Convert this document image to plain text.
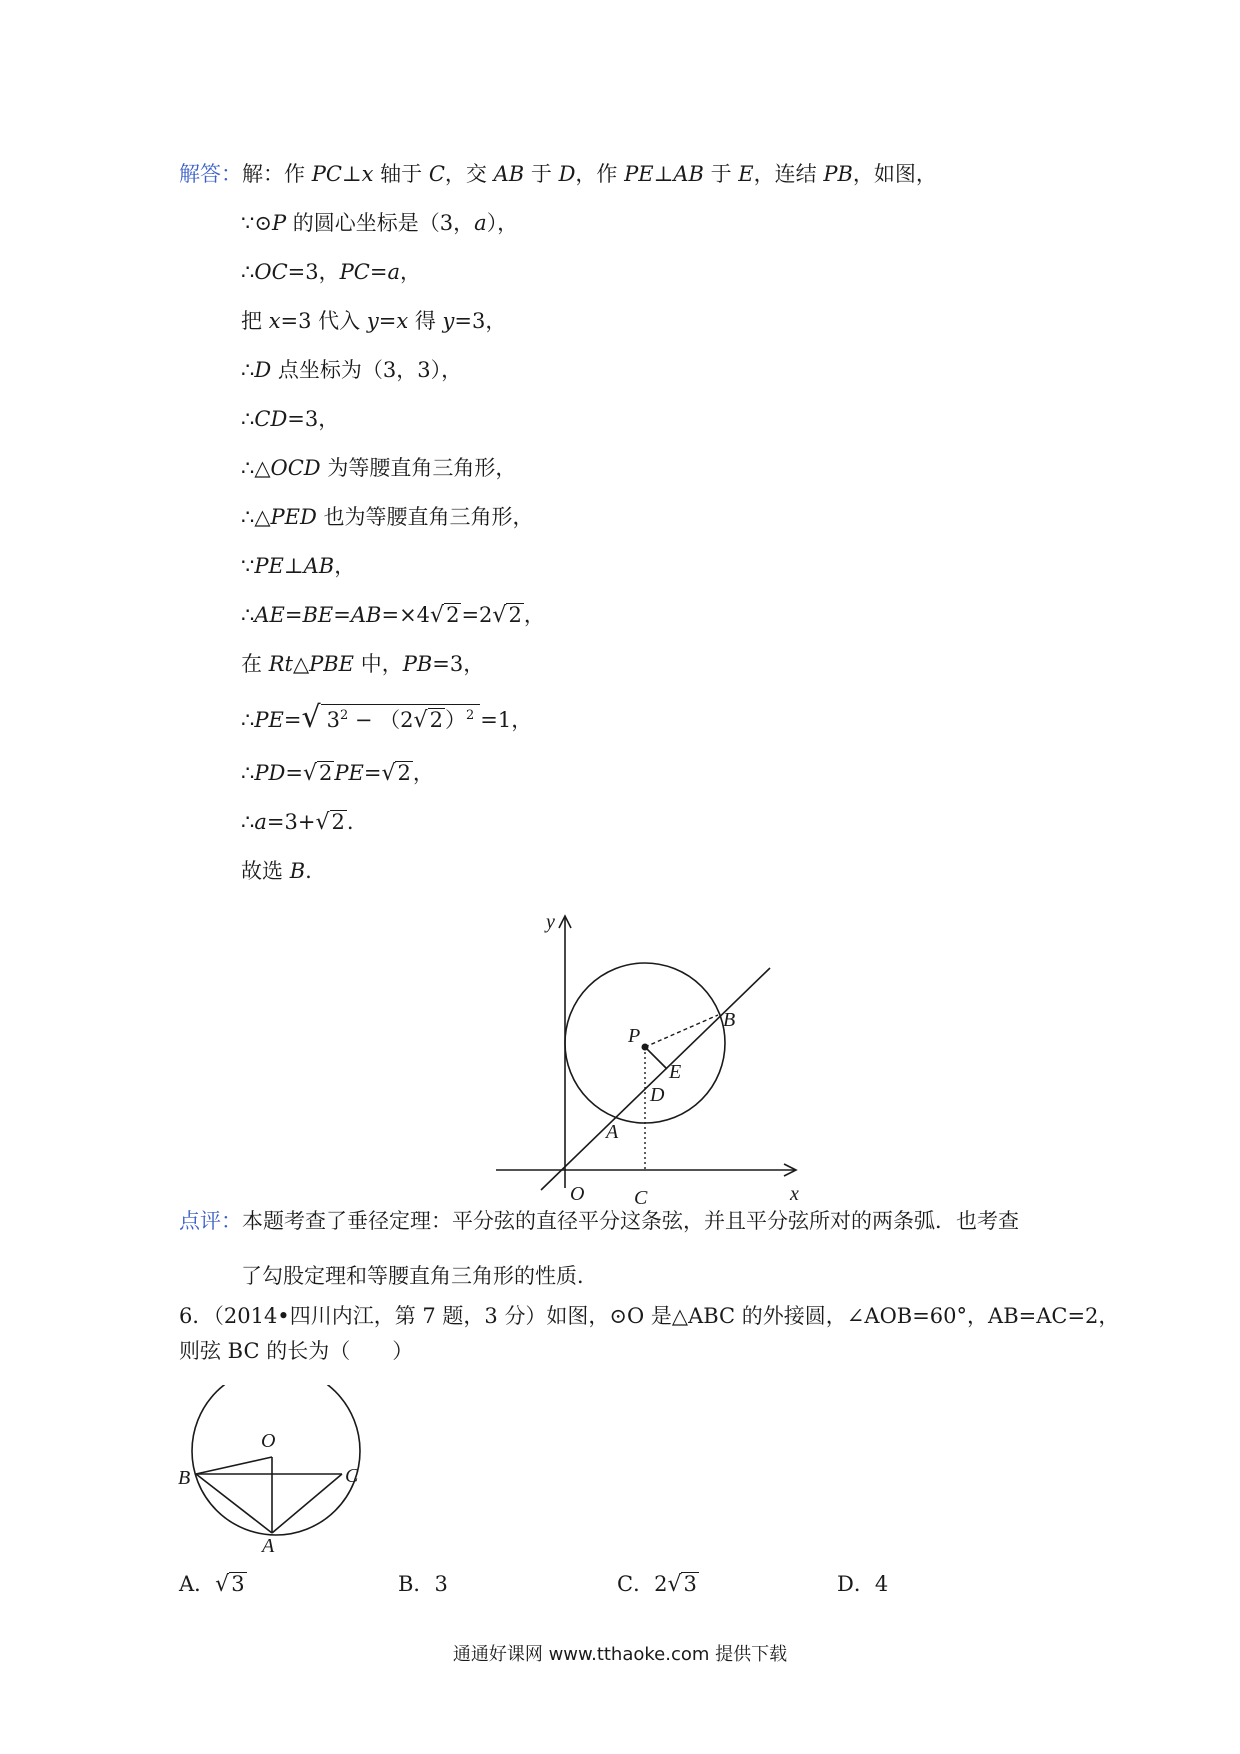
解答：解：作 PC⊥x 轴于 C，交 AB 于 D，作 PE⊥AB 于 E，连结 PB，如图，
∵⊙P 的圆心坐标是（3，a），
∴OC=3，PC=a，
把 x=3 代入 y=x 得 y=3，
∴D 点坐标为（3，3），
∴CD=3，
∴△OCD 为等腰直角三角形，
∴△PED 也为等腰直角三角形，
∵PE⊥AB，
∴AE=BE=AB=×4√2=2√2，
在 Rt△PBE 中，PB=3，
∴PE=√ $3^2 - (2√2)^2 =1$，
∴PD=√2PE=√2，
∴a=3+√2.
故选 B.
y
x
O C
P
B
E
D
A
点评：本题考查了垂径定理：平分弦的直径平分这条弦，并且平分弦所对的两条弧．也考查
了勾股定理和等腰直角三角形的性质．
6．（2014•四川内江，第 7 题，3 分）如图，⊙O 是△ABC 的外接圆，∠AOB=60°，AB=AC=2，
则弦 BC 的长为（　　）
O
B	C
A
A．√3	B．3	C．2√3	D．4
通通好课网 www.tthaoke.com 提供下载
